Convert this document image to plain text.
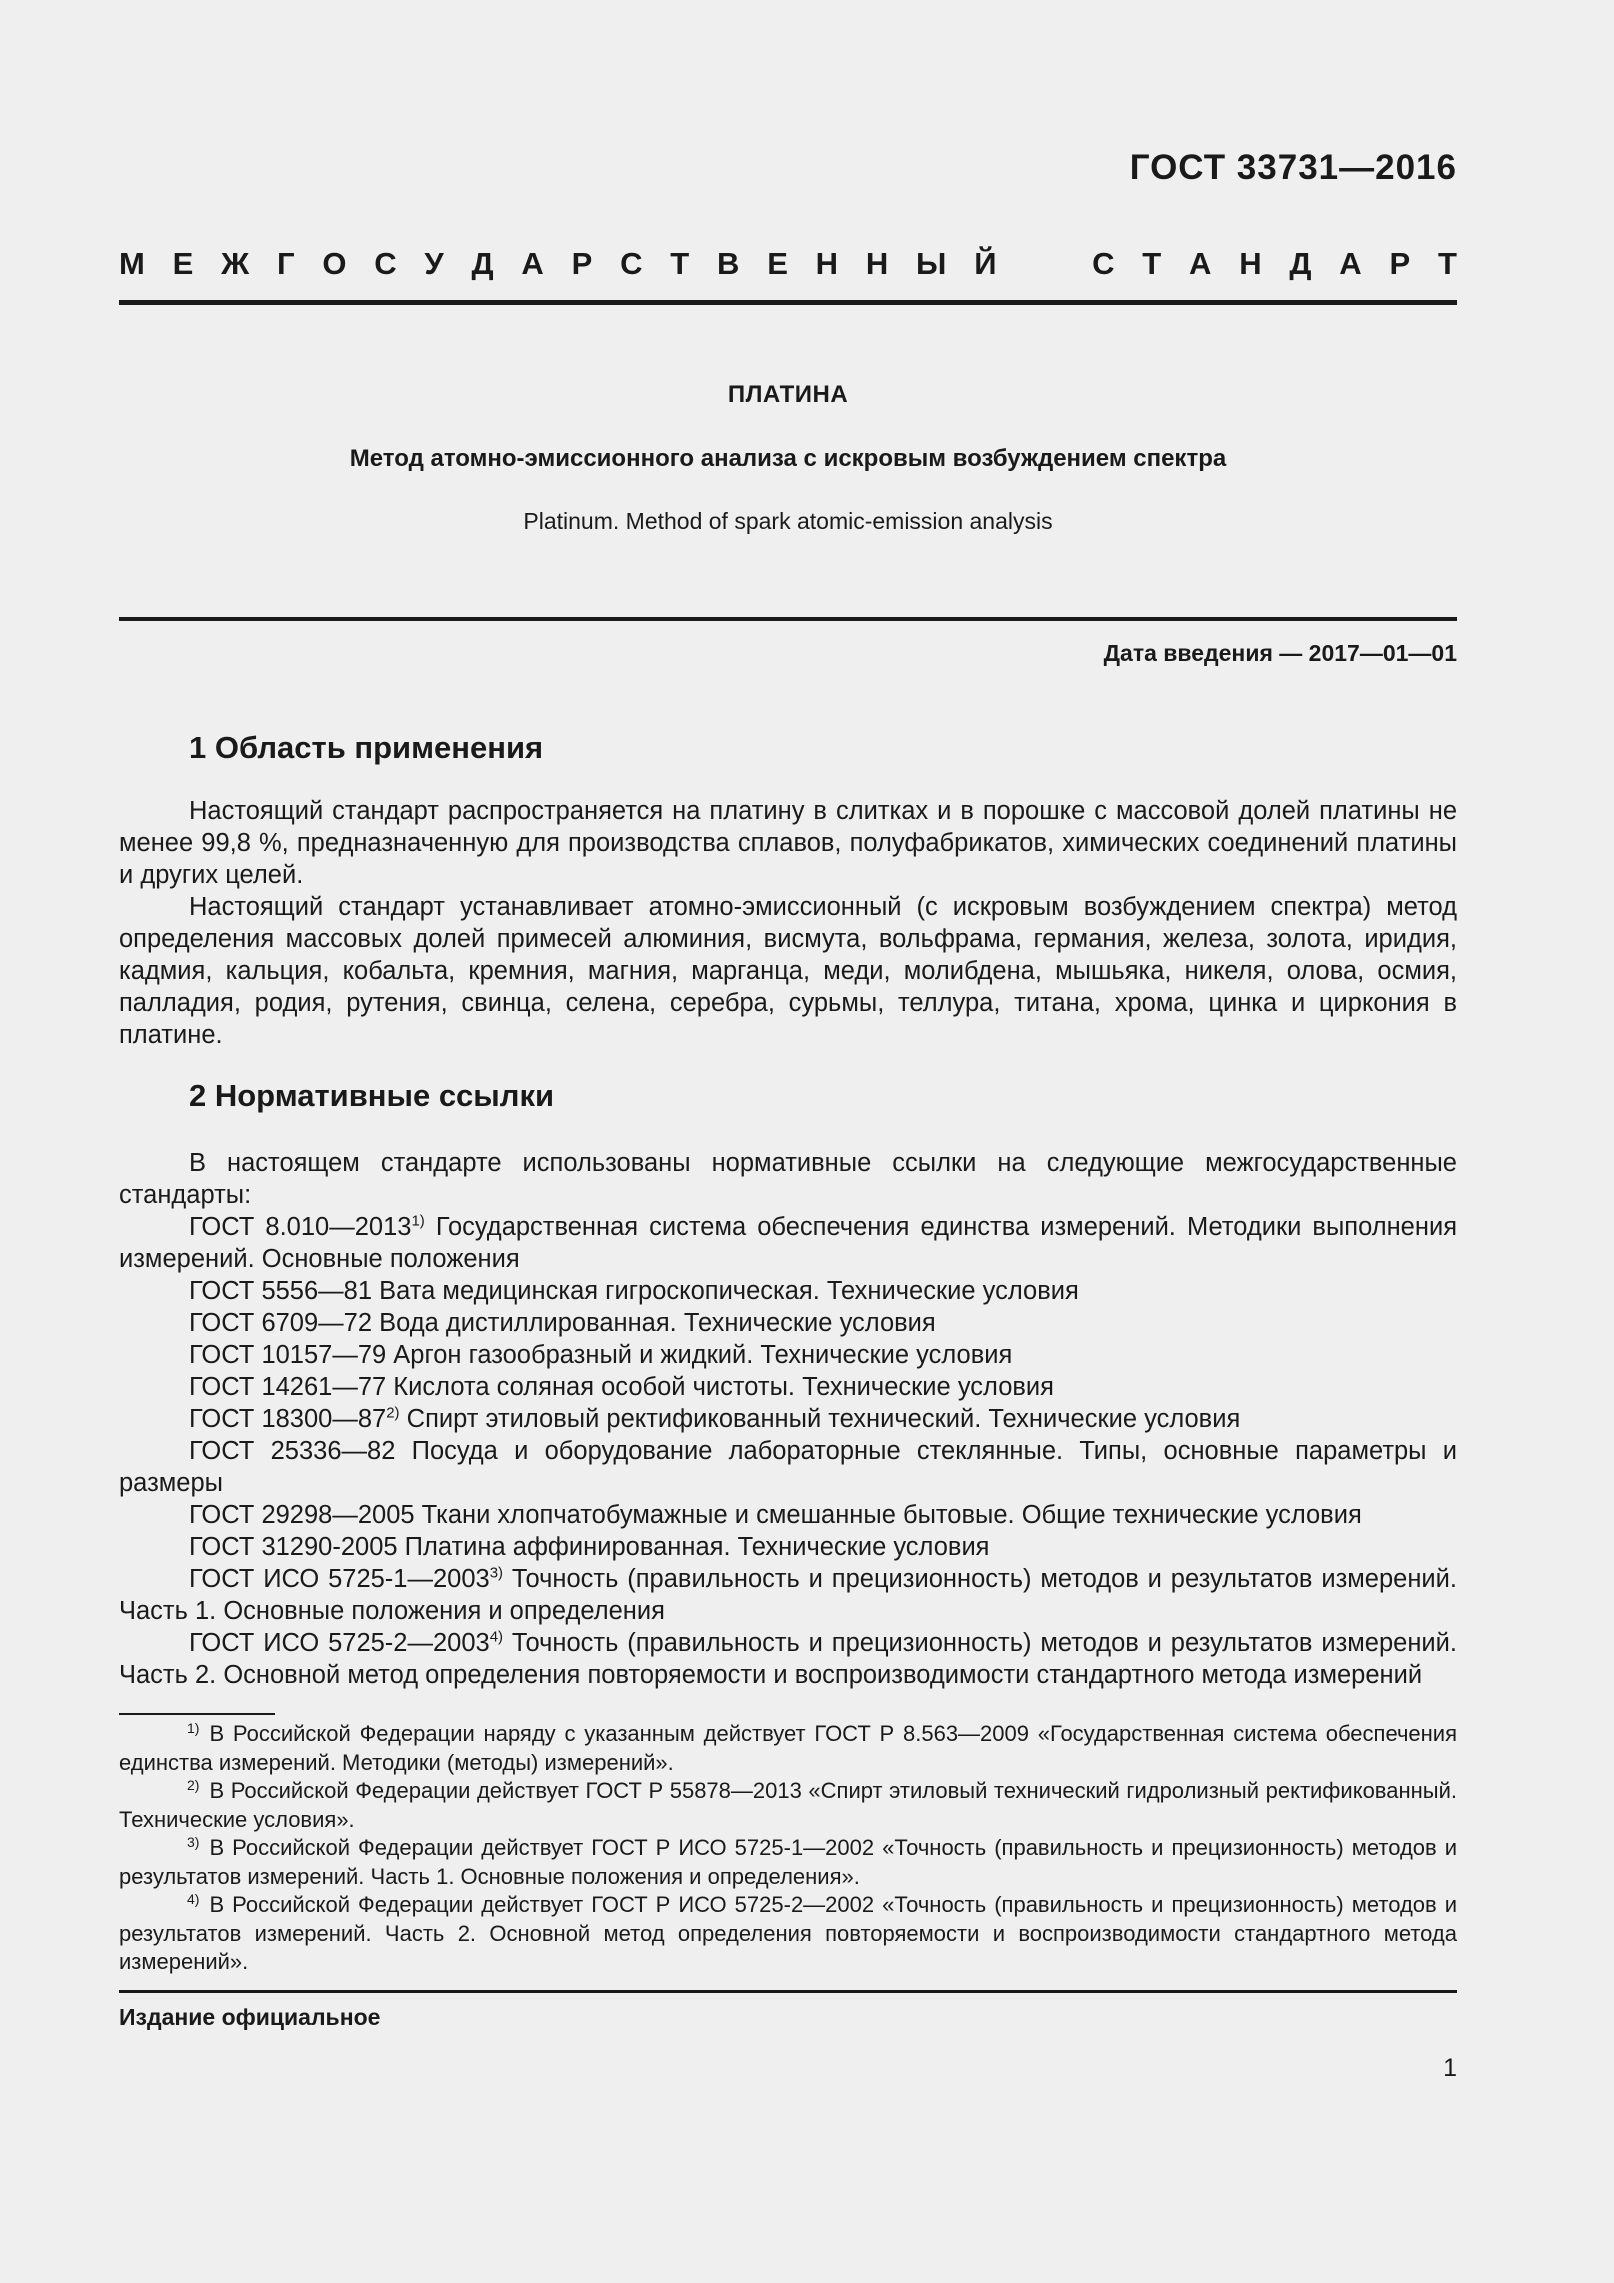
ГОСТ 33731—2016
М Е Ж Г О С У Д А Р С Т В Е Н Н Ы Й	С Т А Н Д А Р Т
ПЛАТИНА
Метод атомно-эмиссионного анализа с искровым возбуждением спектра
Platinum. Method of spark atomic-emission analysis
Дата введения — 2017—01—01
1 Область применения

Настоящий стандарт распространяется на платину в слитках и в порошке с массовой долей платины не менее 99,8 %, предназначенную для производства сплавов, полуфабрикатов, химических соединений платины и других целей.

Настоящий стандарт устанавливает атомно-эмиссионный (с искровым возбуждением спектра) метод определения массовых долей примесей алюминия, висмута, вольфрама, германия, железа, золота, иридия, кадмия, кальция, кобальта, кремния, магния, марганца, меди, молибдена, мышьяка, никеля, олова, осмия, палладия, родия, рутения, свинца, селена, серебра, сурьмы, теллура, титана, хрома, цинка и циркония в платине.

2 Нормативные ссылки

В настоящем стандарте использованы нормативные ссылки на следующие межгосударственные стандарты:

ГОСТ 8.010—2013$^{1)}$ Государственная система обеспечения единства измерений. Методики выполнения измерений. Основные положения

ГОСТ 5556—81 Вата медицинская гигроскопическая. Технические условия

ГОСТ 6709—72 Вода дистиллированная. Технические условия

ГОСТ 10157—79 Аргон газообразный и жидкий. Технические условия

ГОСТ 14261—77 Кислота соляная особой чистоты. Технические условия

ГОСТ 18300—87$^{2)}$ Спирт этиловый ректификованный технический. Технические условия

ГОСТ 25336—82 Посуда и оборудование лабораторные стеклянные. Типы, основные параметры и размеры

ГОСТ 29298—2005 Ткани хлопчатобумажные и смешанные бытовые. Общие технические условия

ГОСТ 31290-2005 Платина аффинированная. Технические условия

ГОСТ ИСО 5725-1—2003$^{3)}$ Точность (правильность и прецизионность) методов и результатов измерений. Часть 1. Основные положения и определения

ГОСТ ИСО 5725-2—2003$^{4)}$ Точность (правильность и прецизионность) методов и результатов измерений. Часть 2. Основной метод определения повторяемости и воспроизводимости стандартного метода измерений

$^{1)}$ В Российской Федерации наряду с указанным действует ГОСТ Р 8.563—2009 «Государственная система обеспечения единства измерений. Методики (методы) измерений».

$^{2)}$ В Российской Федерации действует ГОСТ Р 55878—2013 «Спирт этиловый технический гидролизный ректификованный. Технические условия».

$^{3)}$ В Российской Федерации действует ГОСТ Р ИСО 5725-1—2002 «Точность (правильность и прецизионность) методов и результатов измерений. Часть 1. Основные положения и определения».

$^{4)}$ В Российской Федерации действует ГОСТ Р ИСО 5725-2—2002 «Точность (правильность и прецизионность) методов и результатов измерений. Часть 2. Основной метод определения повторяемости и воспроизводимости стандартного метода измерений».

Издание официальное
1
